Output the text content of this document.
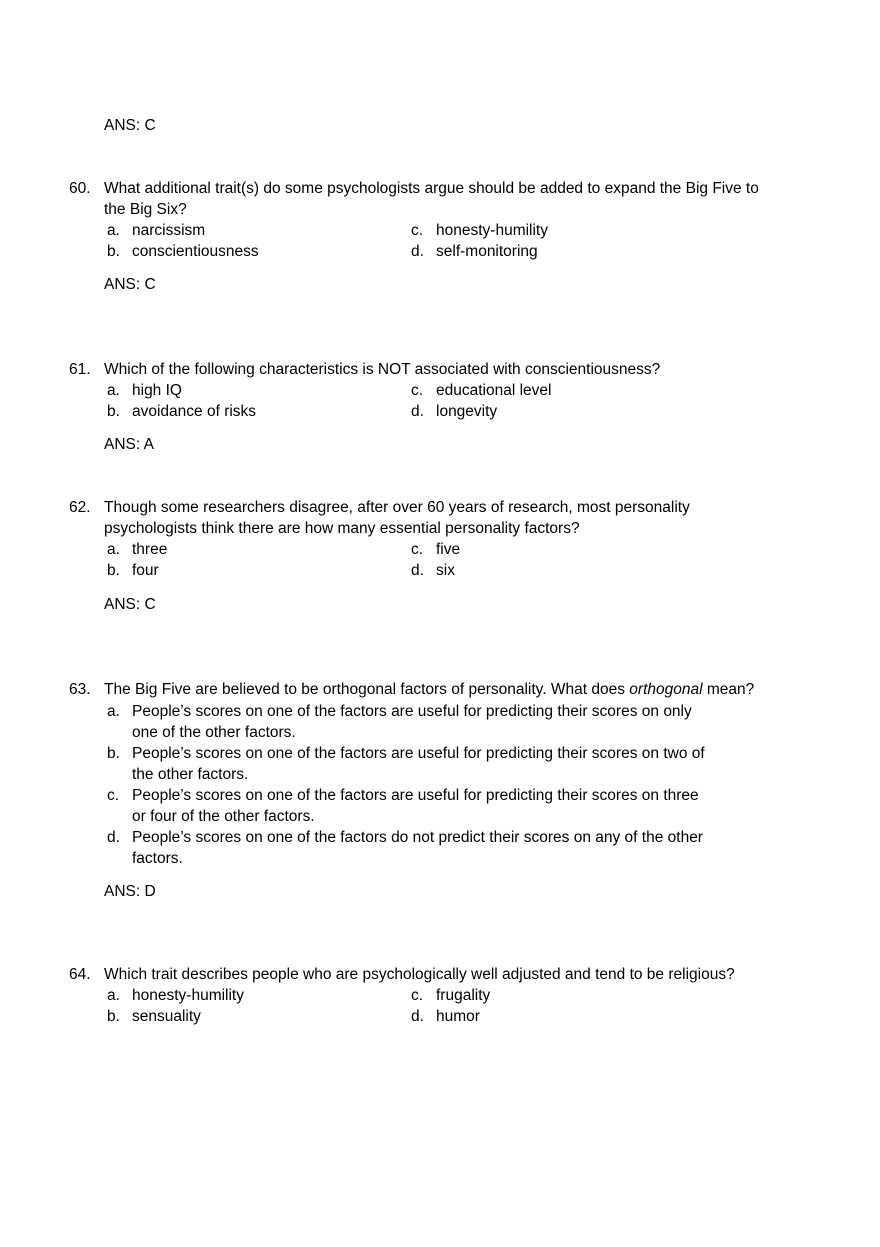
ANS: C
60. What additional trait(s) do some psychologists argue should be added to expand the Big Five to the Big Six?
a. narcissism	c. honesty-humility
b. conscientiousness	d. self-monitoring
ANS: C
61. Which of the following characteristics is NOT associated with conscientiousness?
a. high IQ	c. educational level
b. avoidance of risks	d. longevity
ANS: A
62. Though some researchers disagree, after over 60 years of research, most personality psychologists think there are how many essential personality factors?
a. three	c. five
b. four	d. six
ANS: C
63. The Big Five are believed to be orthogonal factors of personality. What does orthogonal mean?
a. People’s scores on one of the factors are useful for predicting their scores on only one of the other factors.
b. People’s scores on one of the factors are useful for predicting their scores on two of the other factors.
c. People’s scores on one of the factors are useful for predicting their scores on three or four of the other factors.
d. People’s scores on one of the factors do not predict their scores on any of the other factors.
ANS: D
64. Which trait describes people who are psychologically well adjusted and tend to be religious?
a. honesty-humility	c. frugality
b. sensuality	d. humor
